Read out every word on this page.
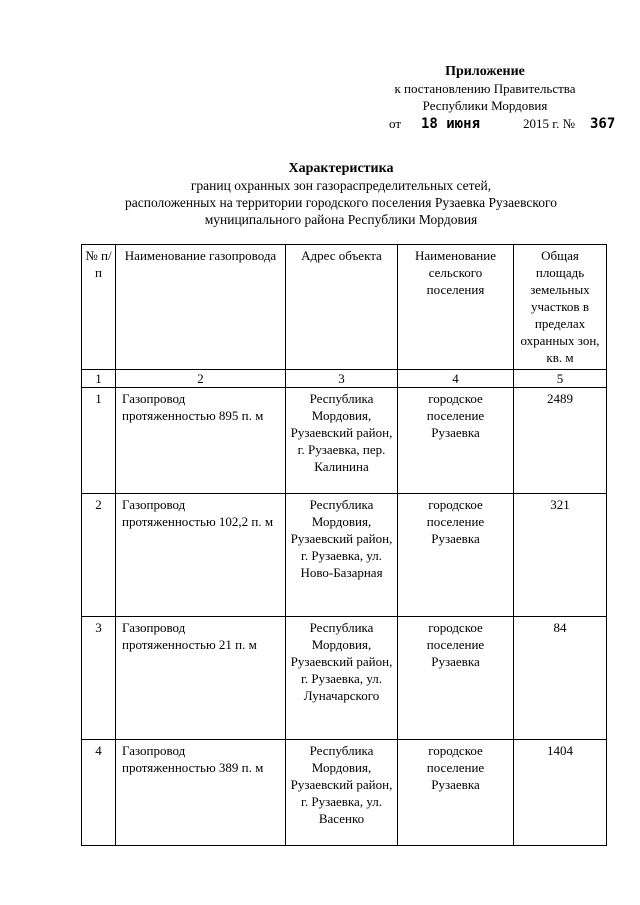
Приложение
к постановлению Правительства
Республики Мордовия
от 18 июня	2015 г. № 367
Характеристика
границ охранных зон газораспределительных сетей,
расположенных на территории городского поселения Рузаевка Рузаевского
муниципального района Республики Мордовия
№ п/п	Наименование газопровода	Адрес объекта	Наименование сельского поселения	Общая площадь земельных участков в пределах охранных зон, кв. м
1	2	3	4	5
1	Газопровод протяженностью 895 п. м	Республика Мордовия, Рузаевский район, г. Рузаевка, пер. Калинина	городское поселение Рузаевка	2489
2	Газопровод протяженностью 102,2 п. м	Республика Мордовия, Рузаевский район, г. Рузаевка, ул. Ново-Базарная	городское поселение Рузаевка	321
3	Газопровод протяженностью 21 п. м	Республика Мордовия, Рузаевский район, г. Рузаевка, ул. Луначарского	городское поселение Рузаевка	84
4	Газопровод протяженностью 389 п. м	Республика Мордовия, Рузаевский район, г. Рузаевка, ул. Васенко	городское поселение Рузаевка	1404
